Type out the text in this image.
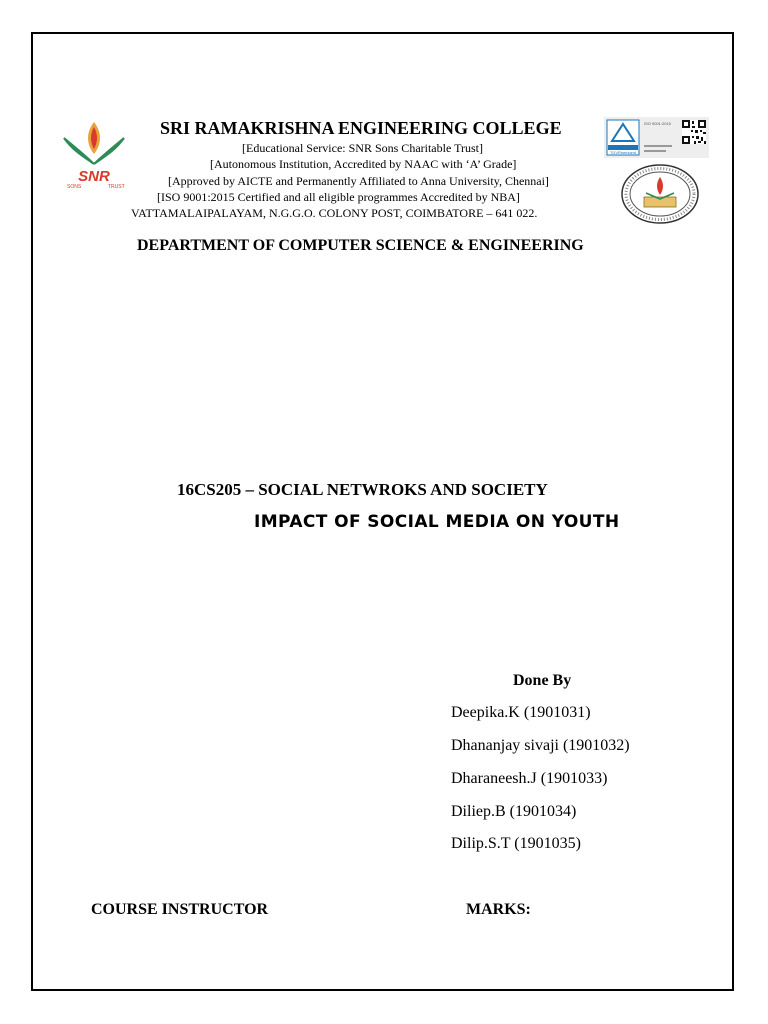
SNR
SONS	TRUST
TÜVRheinland
ISO 9001:2015
SRI RAMAKRISHNA ENGINEERING COLLEGE
[Educational Service: SNR Sons Charitable Trust]
[Autonomous Institution, Accredited by NAAC with ‘A’ Grade]
[Approved by AICTE and Permanently Affiliated to Anna University, Chennai]
[ISO 9001:2015 Certified and all eligible programmes Accredited by NBA]
VATTAMALAIPALAYAM, N.G.G.O. COLONY POST, COIMBATORE – 641 022.
DEPARTMENT OF COMPUTER SCIENCE & ENGINEERING
16CS205 – SOCIAL NETWROKS AND SOCIETY
IMPACT OF SOCIAL MEDIA ON YOUTH
Done By
Deepika.K (1901031)
Dhananjay sivaji (1901032)
Dharaneesh.J (1901033)
Diliep.B (1901034)
Dilip.S.T (1901035)
COURSE INSTRUCTOR	MARKS:
